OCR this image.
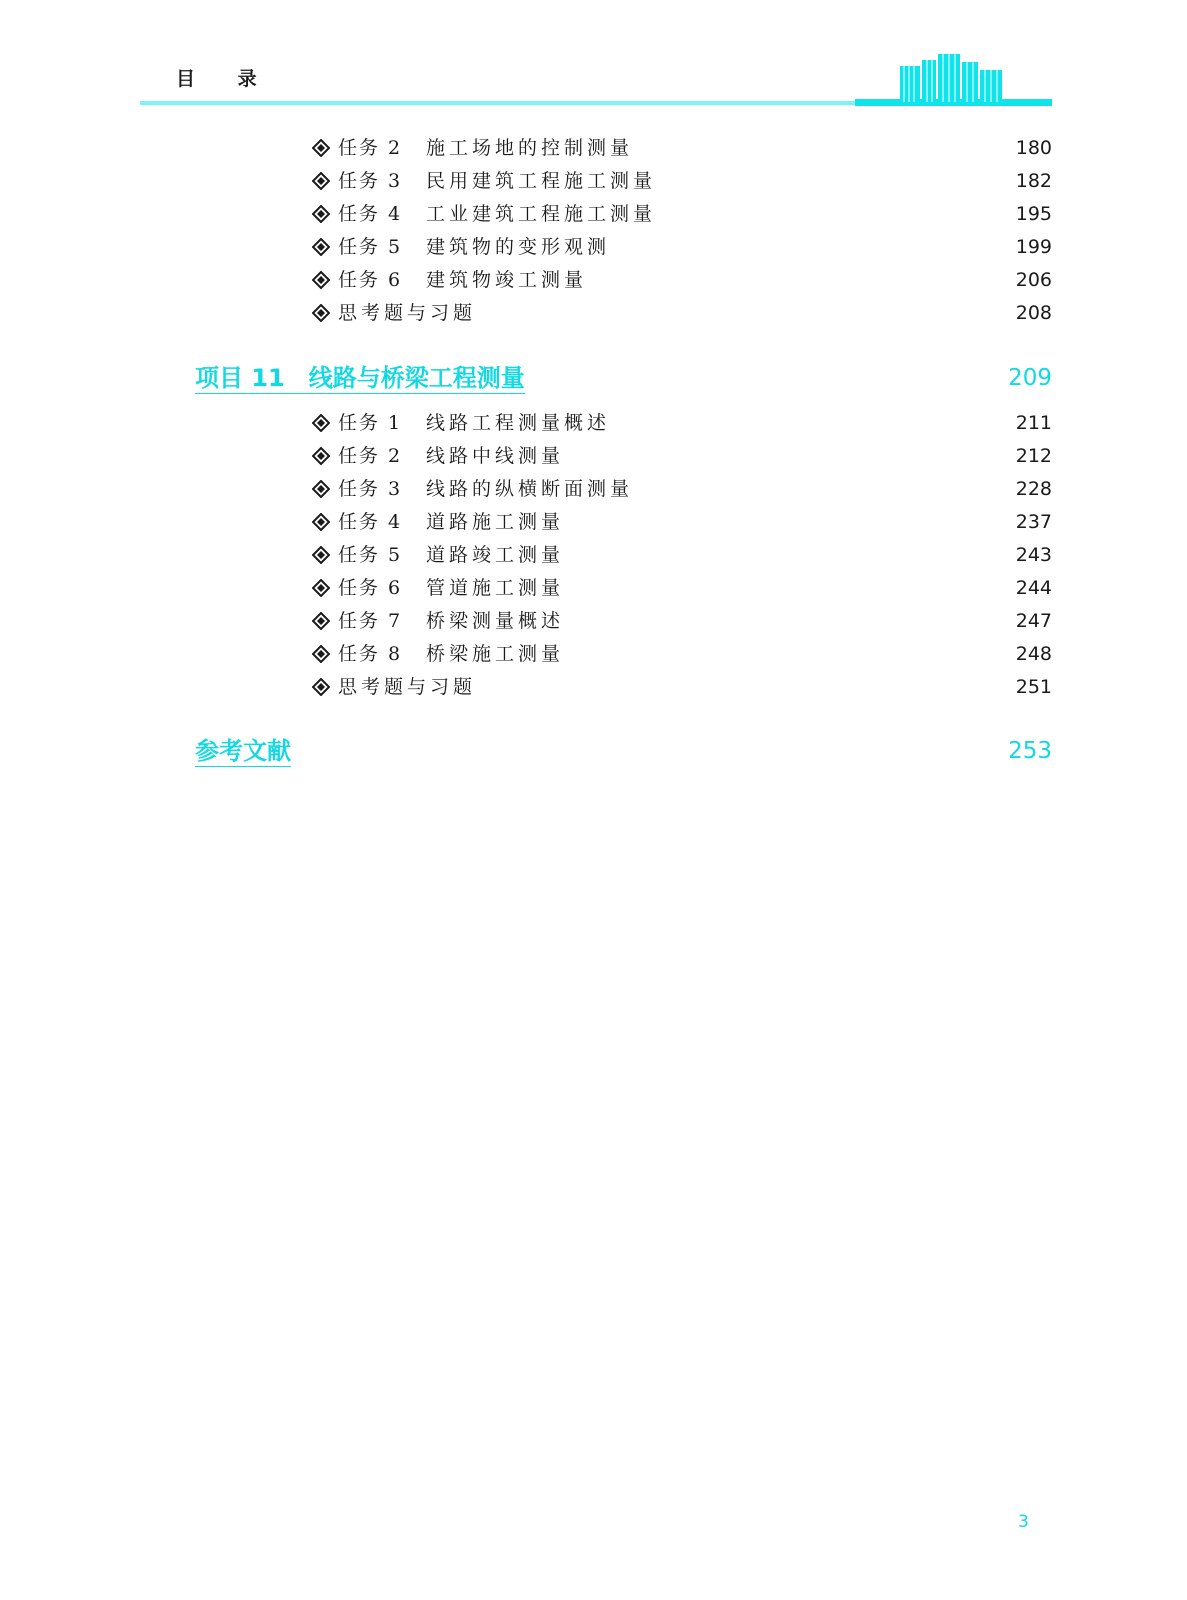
目 录
任务 2	施工场地的控制测量	180
任务 3	民用建筑工程施工测量	182
任务 4	工业建筑工程施工测量	195
任务 5	建筑物的变形观测	199
任务 6	建筑物竣工测量	206
思考题与习题	208
项目 11　线路与桥梁工程测量	209
任务 1	线路工程测量概述	211
任务 2	线路中线测量	212
任务 3	线路的纵横断面测量	228
任务 4	道路施工测量	237
任务 5	道路竣工测量	243
任务 6	管道施工测量	244
任务 7	桥梁测量概述	247
任务 8	桥梁施工测量	248
思考题与习题	251
参考文献	253
3
